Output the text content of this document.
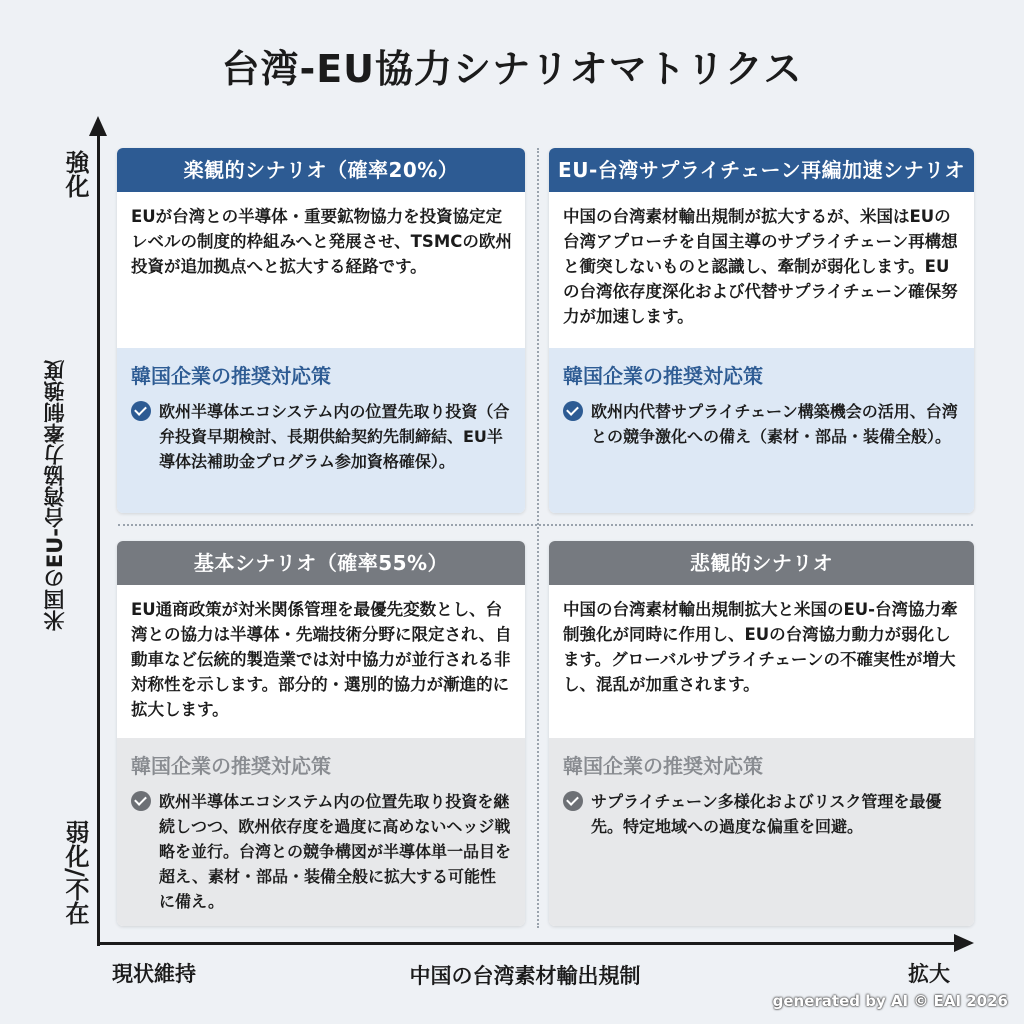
台湾-EU協力シナリオマトリクス
強化
米国のEU-台湾協力牽制強度
弱化/不在
現状維持	中国の台湾素材輸出規制	拡大
楽観的シナリオ（確率20%）
EUが台湾との半導体・重要鉱物協力を投資協定定レベルの制度的枠組みへと発展させ、TSMCの欧州投資が追加拠点へと拡大する経路です。
韓国企業の推奨対応策
欧州半導体エコシステム内の位置先取り投資（合弁投資早期検討、長期供給契約先制締結、EU半導体法補助金プログラム参加資格確保）。
EU-台湾サプライチェーン再編加速シナリオ
中国の台湾素材輸出規制が拡大するが、米国はEUの台湾アプローチを自国主導のサプライチェーン再構想と衝突しないものと認識し、牽制が弱化します。EUの台湾依存度深化および代替サプライチェーン確保努力が加速します。
韓国企業の推奨対応策
欧州内代替サプライチェーン構築機会の活用、台湾との競争激化への備え（素材・部品・装備全般）。
基本シナリオ（確率55%）
EU通商政策が対米関係管理を最優先変数とし、台湾との協力は半導体・先端技術分野に限定され、自動車など伝統的製造業では対中協力が並行される非対称性を示します。部分的・選別的協力が漸進的に拡大します。
韓国企業の推奨対応策
欧州半導体エコシステム内の位置先取り投資を継続しつつ、欧州依存度を過度に高めないヘッジ戦略を並行。台湾との競争構図が半導体単一品目を超え、素材・部品・装備全般に拡大する可能性に備え。
悲観的シナリオ
中国の台湾素材輸出規制拡大と米国のEU-台湾協力牽制強化が同時に作用し、EUの台湾協力動力が弱化します。グローバルサプライチェーンの不確実性が増大し、混乱が加重されます。
韓国企業の推奨対応策
サプライチェーン多様化およびリスク管理を最優先。特定地域への過度な偏重を回避。
generated by AI © EAI 2026
